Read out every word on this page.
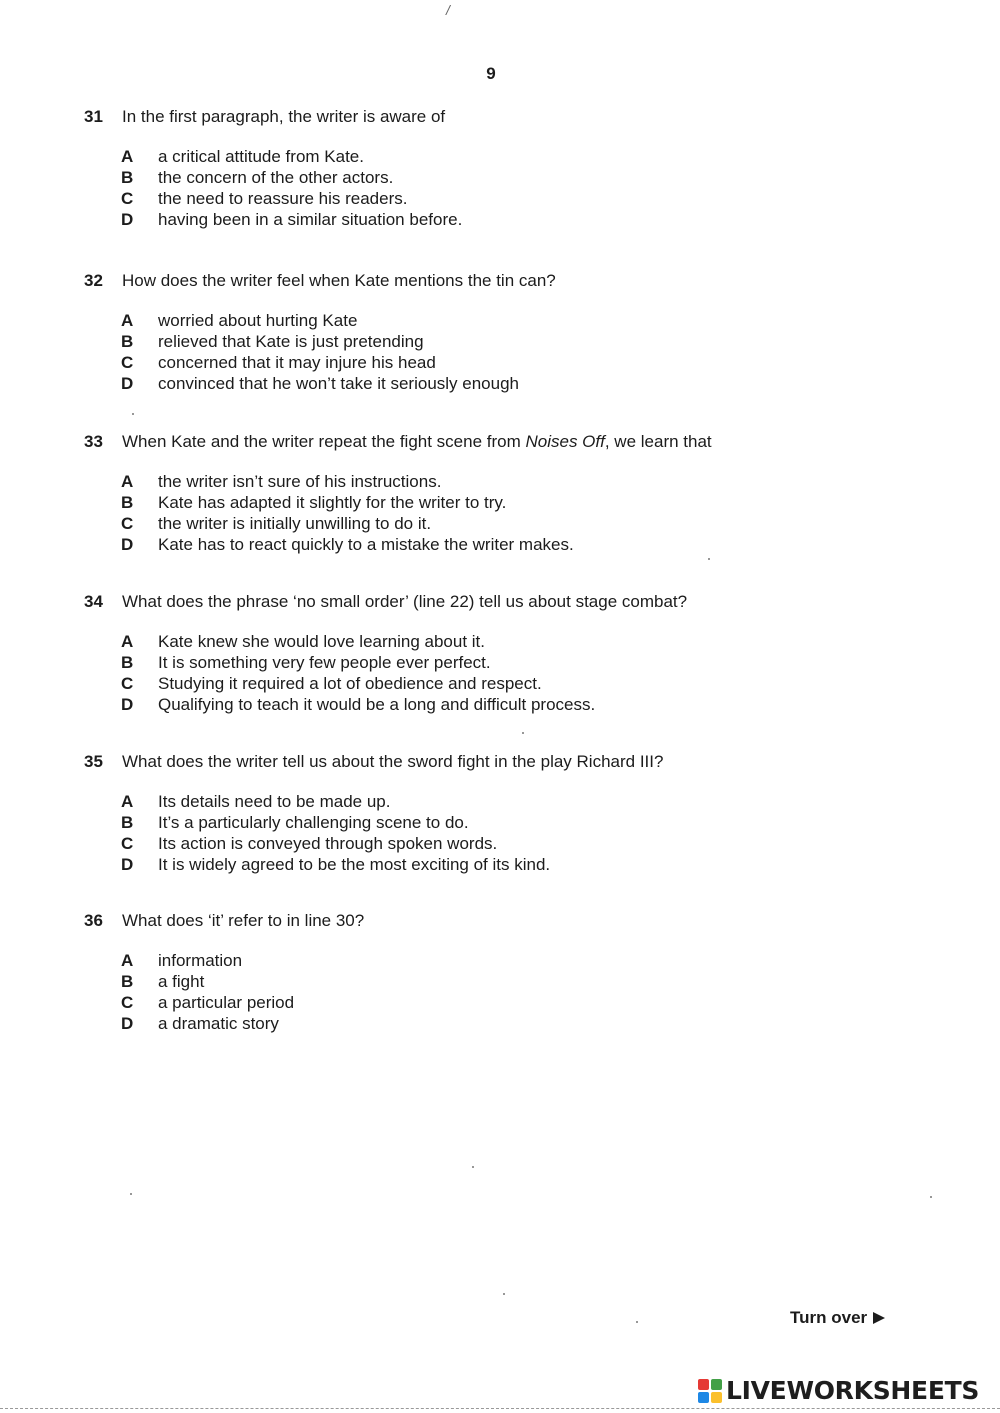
/
9
31	In the first paragraph, the writer is aware of
A	a critical attitude from Kate.
B	the concern of the other actors.
C	the need to reassure his readers.
D	having been in a similar situation before.
32	How does the writer feel when Kate mentions the tin can?
A	worried about hurting Kate
B	relieved that Kate is just pretending
C	concerned that it may injure his head
D	convinced that he won’t take it seriously enough
33	When Kate and the writer repeat the fight scene from Noises Off, we learn that
A	the writer isn’t sure of his instructions.
B	Kate has adapted it slightly for the writer to try.
C	the writer is initially unwilling to do it.
D	Kate has to react quickly to a mistake the writer makes.
34	What does the phrase ‘no small order’ (line 22) tell us about stage combat?
A	Kate knew she would love learning about it.
B	It is something very few people ever perfect.
C	Studying it required a lot of obedience and respect.
D	Qualifying to teach it would be a long and difficult process.
35	What does the writer tell us about the sword fight in the play Richard III?
A	Its details need to be made up.
B	It’s a particularly challenging scene to do.
C	Its action is conveyed through spoken words.
D	It is widely agreed to be the most exciting of its kind.
36	What does ‘it’ refer to in line 30?
A	information
B	a fight
C	a particular period
D	a dramatic story
Turn over
LIVEWORKSHEETS
